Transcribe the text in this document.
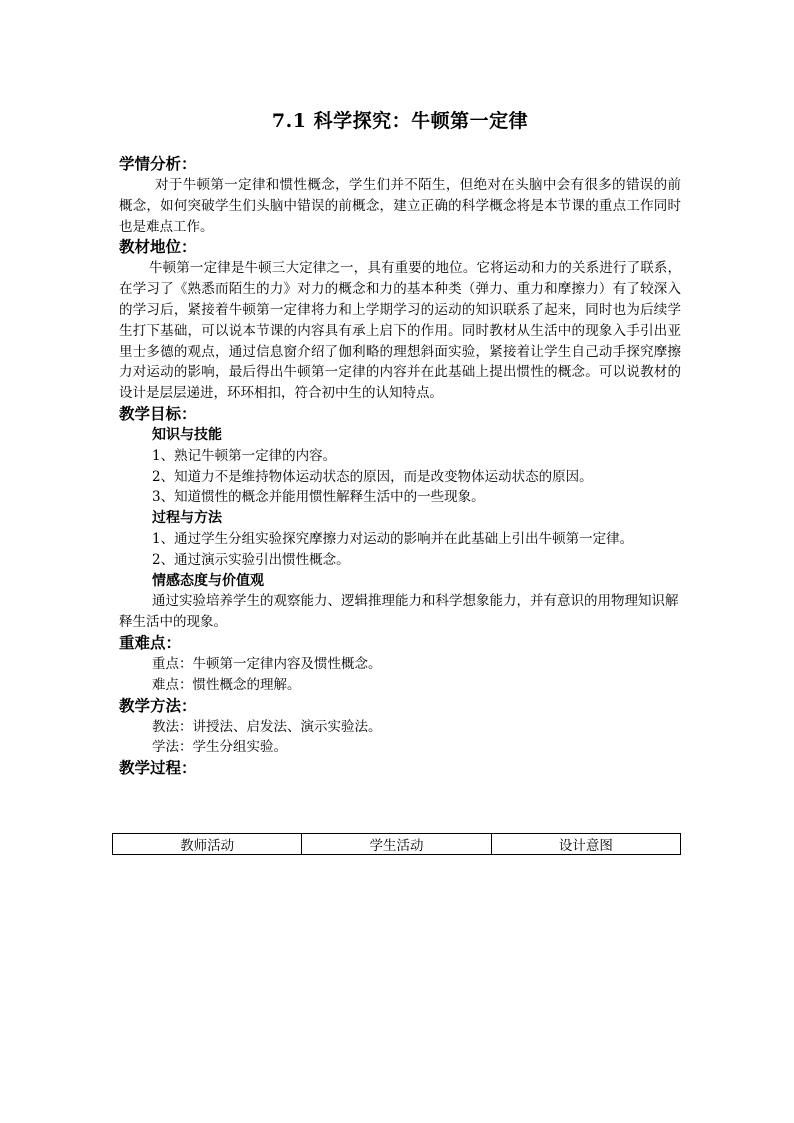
7.1 科学探究：牛顿第一定律

学情分析：

对于牛顿第一定律和惯性概念，学生们并不陌生，但绝对在头脑中会有很多的错误的前概念，如何突破学生们头脑中错误的前概念，建立正确的科学概念将是本节课的重点工作同时也是难点工作。

教材地位：

牛顿第一定律是牛顿三大定律之一，具有重要的地位。它将运动和力的关系进行了联系，在学习了《熟悉而陌生的力》对力的概念和力的基本种类（弹力、重力和摩擦力）有了较深入的学习后，紧接着牛顿第一定律将力和上学期学习的运动的知识联系了起来，同时也为后续学生打下基础，可以说本节课的内容具有承上启下的作用。同时教材从生活中的现象入手引出亚里士多德的观点，通过信息窗介绍了伽利略的理想斜面实验，紧接着让学生自己动手探究摩擦力对运动的影响，最后得出牛顿第一定律的内容并在此基础上提出惯性的概念。可以说教材的设计是层层递进，环环相扣，符合初中生的认知特点。

教学目标：

知识与技能

1、熟记牛顿第一定律的内容。

2、知道力不是维持物体运动状态的原因，而是改变物体运动状态的原因。

3、知道惯性的概念并能用惯性解释生活中的一些现象。

过程与方法

1、通过学生分组实验探究摩擦力对运动的影响并在此基础上引出牛顿第一定律。

2、通过演示实验引出惯性概念。

情感态度与价值观

通过实验培养学生的观察能力、逻辑推理能力和科学想象能力，并有意识的用物理知识解释生活中的现象。

重难点：

重点：牛顿第一定律内容及惯性概念。

难点：惯性概念的理解。

教学方法：

教法：讲授法、启发法、演示实验法。

学法：学生分组实验。

教学过程：

教师活动	学生活动	设计意图
